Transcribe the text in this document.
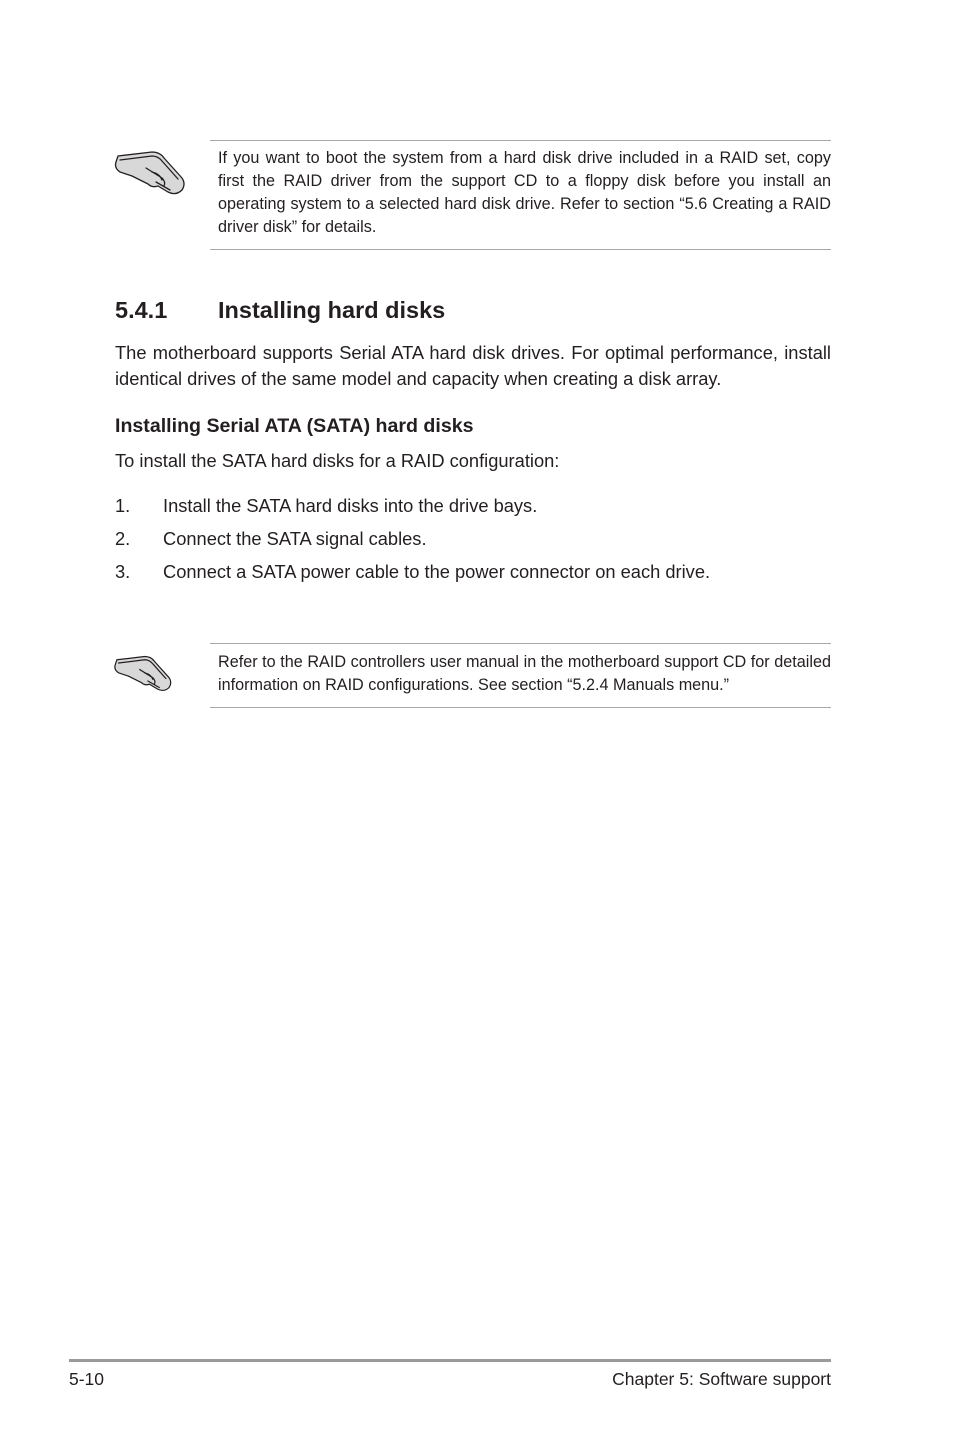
If you want to boot the system from a hard disk drive included in a RAID set, copy first the RAID driver from the support CD to a floppy disk before you install an operating system to a selected hard disk drive. Refer to section “5.6 Creating a RAID driver disk” for details.

5.4.1 Installing hard disks

The motherboard supports Serial ATA hard disk drives. For optimal performance, install identical drives of the same model and capacity when creating a disk array.

Installing Serial ATA (SATA) hard disks

To install the SATA hard disks for a RAID configuration:

1. Install the SATA hard disks into the drive bays.
2. Connect the SATA signal cables.
3. Connect a SATA power cable to the power connector on each drive.

Refer to the RAID controllers user manual in the motherboard support CD for detailed information on RAID configurations. See section “5.2.4 Manuals menu.”

5-10	Chapter 5: Software support
